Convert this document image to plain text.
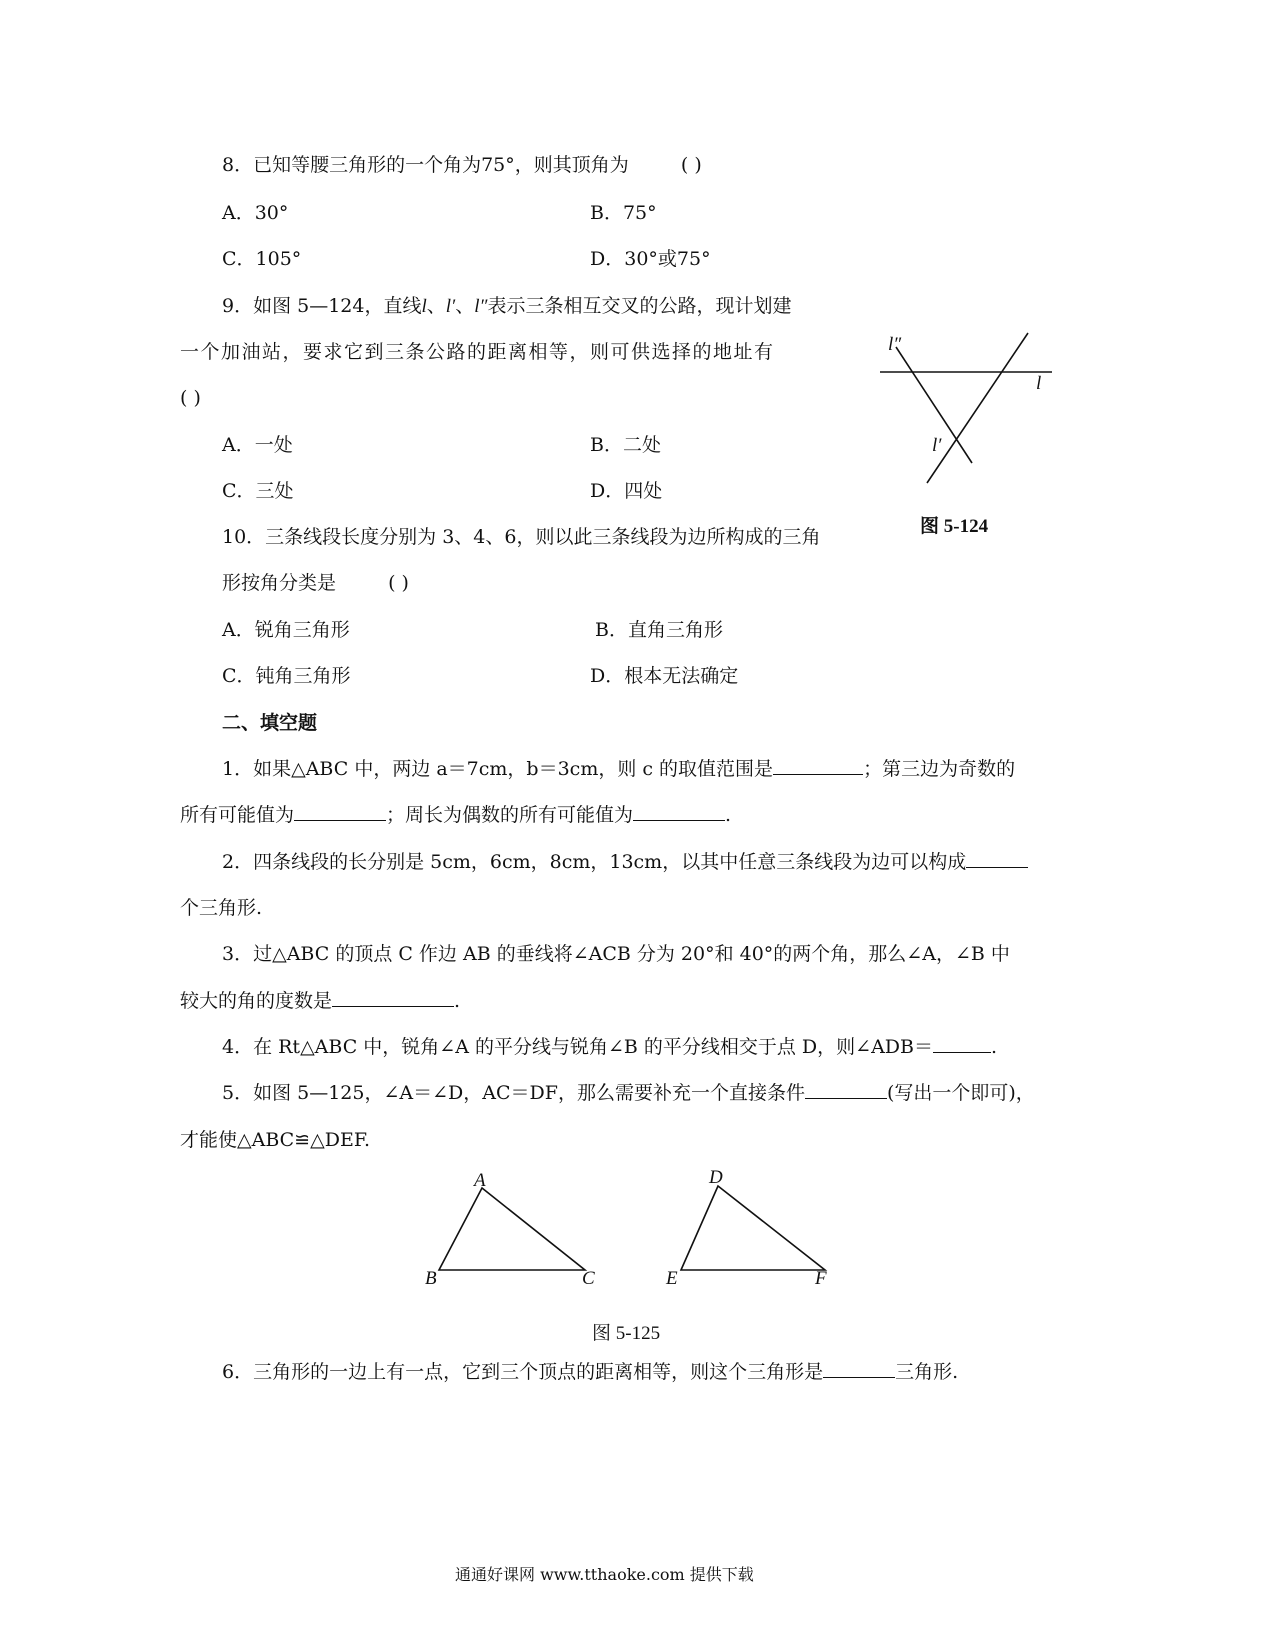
8．已知等腰三角形的一个角为75°，则其顶角为	( )
A．30°	B．75°
C．105°	D．30°或75°
9．如图 5—124，直线l、l′、l″表示三条相互交叉的公路，现计划建
一个加油站，要求它到三条公路的距离相等，则可供选择的地址有
( )
A．一处	B．二处
C．三处	D．四处
l″
l
l′
图 5-124
10．三条线段长度分别为 3、4、6，则以此三条线段为边所构成的三角
形按角分类是	( )
A．锐角三角形	B．直角三角形
C．钝角三角形	D．根本无法确定
二、填空题
1．如果△ABC 中，两边 a＝7cm，b＝3cm，则 c 的取值范围是	；第三边为奇数的
所有可能值为	；周长为偶数的所有可能值为	.
2．四条线段的长分别是 5cm，6cm，8cm，13cm，以其中任意三条线段为边可以构成
个三角形.
3．过△ABC 的顶点 C 作边 AB 的垂线将∠ACB 分为 20°和 40°的两个角，那么∠A，∠B 中
较大的角的度数是	.
4．在 Rt△ABC 中，锐角∠A 的平分线与锐角∠B 的平分线相交于点 D，则∠ADB＝	.
5．如图 5—125，∠A＝∠D，AC＝DF，那么需要补充一个直接条件	(写出一个即可)，
才能使△ABC≌△DEF.
A
B	C
D
E	F
图 5-125
6．三角形的一边上有一点，它到三个顶点的距离相等，则这个三角形是	三角形.
通通好课网 www.tthaoke.com 提供下载
